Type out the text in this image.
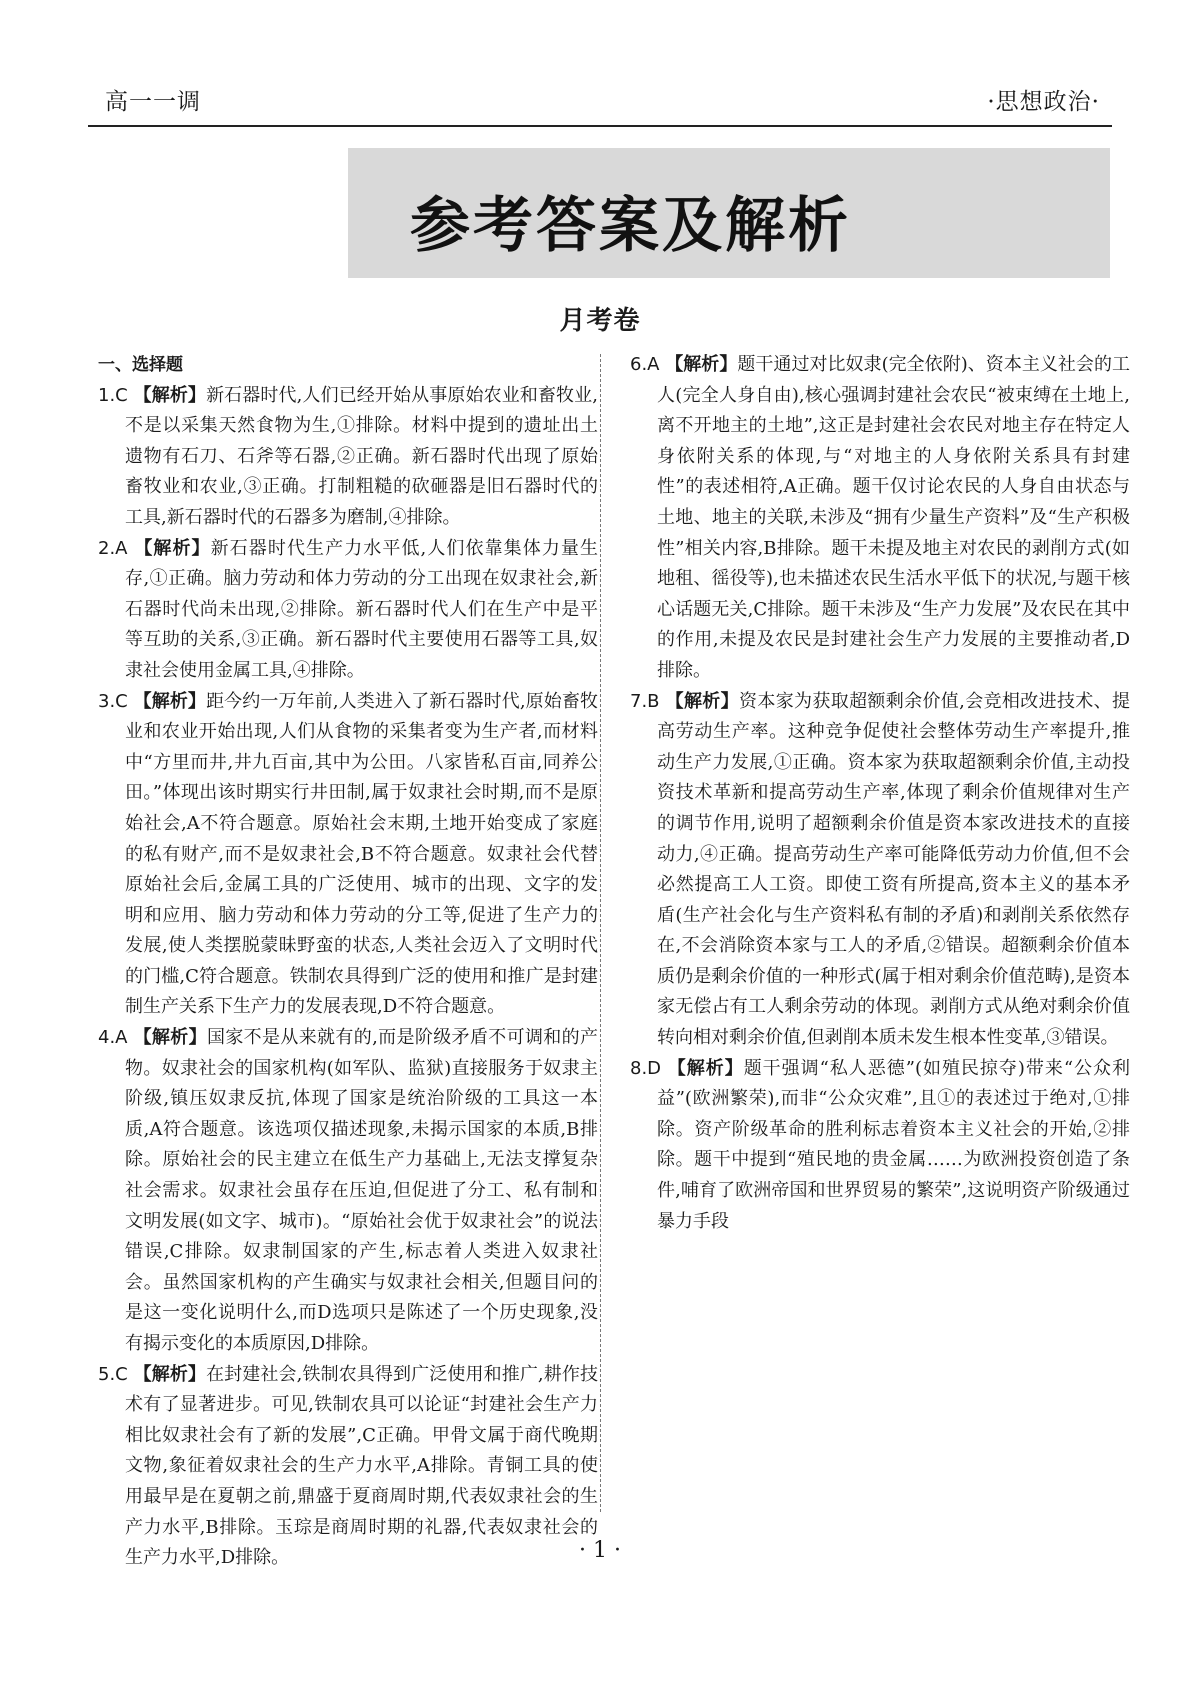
高一一调	·思想政治·
参考答案及解析
月考卷
一、选择题

1.C 【解析】新石器时代,人们已经开始从事原始农业和畜牧业,不是以采集天然食物为生,①排除。材料中提到的遗址出土遗物有石刀、石斧等石器,②正确。新石器时代出现了原始畜牧业和农业,③正确。打制粗糙的砍砸器是旧石器时代的工具,新石器时代的石器多为磨制,④排除。

2.A 【解析】新石器时代生产力水平低,人们依靠集体力量生存,①正确。脑力劳动和体力劳动的分工出现在奴隶社会,新石器时代尚未出现,②排除。新石器时代人们在生产中是平等互助的关系,③正确。新石器时代主要使用石器等工具,奴隶社会使用金属工具,④排除。

3.C 【解析】距今约一万年前,人类进入了新石器时代,原始畜牧业和农业开始出现,人们从食物的采集者变为生产者,而材料中“方里而井,井九百亩,其中为公田。八家皆私百亩,同养公田。”体现出该时期实行井田制,属于奴隶社会时期,而不是原始社会,A不符合题意。原始社会末期,土地开始变成了家庭的私有财产,而不是奴隶社会,B不符合题意。奴隶社会代替原始社会后,金属工具的广泛使用、城市的出现、文字的发明和应用、脑力劳动和体力劳动的分工等,促进了生产力的发展,使人类摆脱蒙昧野蛮的状态,人类社会迈入了文明时代的门槛,C符合题意。铁制农具得到广泛的使用和推广是封建制生产关系下生产力的发展表现,D不符合题意。

4.A 【解析】国家不是从来就有的,而是阶级矛盾不可调和的产物。奴隶社会的国家机构(如军队、监狱)直接服务于奴隶主阶级,镇压奴隶反抗,体现了国家是统治阶级的工具这一本质,A符合题意。该选项仅描述现象,未揭示国家的本质,B排除。原始社会的民主建立在低生产力基础上,无法支撑复杂社会需求。奴隶社会虽存在压迫,但促进了分工、私有制和文明发展(如文字、城市)。“原始社会优于奴隶社会”的说法错误,C排除。奴隶制国家的产生,标志着人类进入奴隶社会。虽然国家机构的产生确实与奴隶社会相关,但题目问的是这一变化说明什么,而D选项只是陈述了一个历史现象,没有揭示变化的本质原因,D排除。

5.C 【解析】在封建社会,铁制农具得到广泛使用和推广,耕作技术有了显著进步。可见,铁制农具可以论证“封建社会生产力相比奴隶社会有了新的发展”,C正确。甲骨文属于商代晚期文物,象征着奴隶社会的生产力水平,A排除。青铜工具的使用最早是在夏朝之前,鼎盛于夏商周时期,代表奴隶社会的生产力水平,B排除。玉琮是商周时期的礼器,代表奴隶社会的生产力水平,D排除。

6.A 【解析】题干通过对比奴隶(完全依附)、资本主义社会的工人(完全人身自由),核心强调封建社会农民“被束缚在土地上,离不开地主的土地”,这正是封建社会农民对地主存在特定人身依附关系的体现,与“对地主的人身依附关系具有封建性”的表述相符,A正确。题干仅讨论农民的人身自由状态与土地、地主的关联,未涉及“拥有少量生产资料”及“生产积极性”相关内容,B排除。题干未提及地主对农民的剥削方式(如地租、徭役等),也未描述农民生活水平低下的状况,与题干核心话题无关,C排除。题干未涉及“生产力发展”及农民在其中的作用,未提及农民是封建社会生产力发展的主要推动者,D排除。

7.B 【解析】资本家为获取超额剩余价值,会竞相改进技术、提高劳动生产率。这种竞争促使社会整体劳动生产率提升,推动生产力发展,①正确。资本家为获取超额剩余价值,主动投资技术革新和提高劳动生产率,体现了剩余价值规律对生产的调节作用,说明了超额剩余价值是资本家改进技术的直接动力,④正确。提高劳动生产率可能降低劳动力价值,但不会必然提高工人工资。即使工资有所提高,资本主义的基本矛盾(生产社会化与生产资料私有制的矛盾)和剥削关系依然存在,不会消除资本家与工人的矛盾,②错误。超额剩余价值本质仍是剩余价值的一种形式(属于相对剩余价值范畴),是资本家无偿占有工人剩余劳动的体现。剥削方式从绝对剩余价值转向相对剩余价值,但剥削本质未发生根本性变革,③错误。

8.D 【解析】题干强调“私人恶德”(如殖民掠夺)带来“公众利益”(欧洲繁荣),而非“公众灾难”,且①的表述过于绝对,①排除。资产阶级革命的胜利标志着资本主义社会的开始,②排除。题干中提到“殖民地的贵金属……为欧洲投资创造了条件,哺育了欧洲帝国和世界贸易的繁荣”,这说明资产阶级通过暴力手段

· 1 ·
